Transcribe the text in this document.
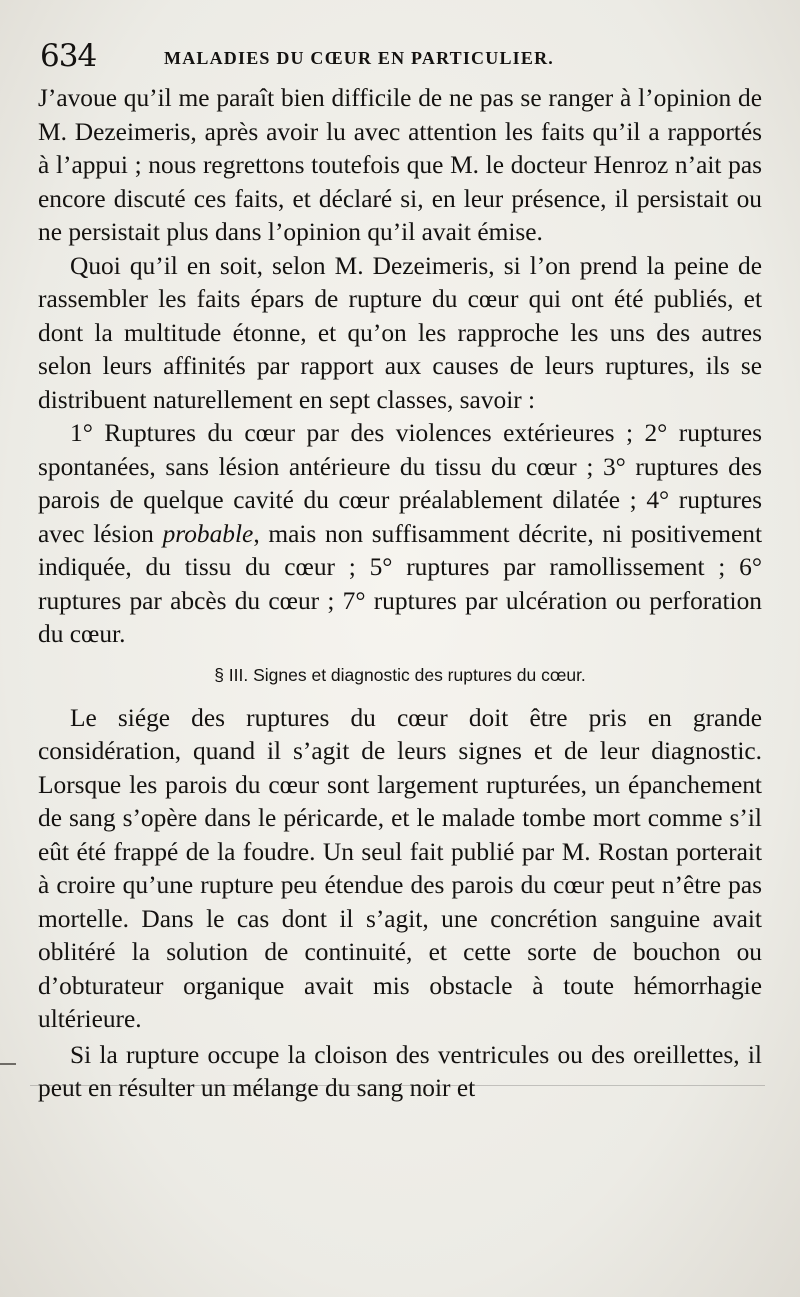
634	MALADIES DU CŒUR EN PARTICULIER.

J’avoue qu’il me paraît bien difficile de ne pas se ranger à l’opinion de M. Dezeimeris, après avoir lu avec attention les faits qu’il a rapportés à l’appui ; nous regrettons toutefois que M. le docteur Henroz n’ait pas encore discuté ces faits, et déclaré si, en leur présence, il persistait ou ne persistait plus dans l’opinion qu’il avait émise.

Quoi qu’il en soit, selon M. Dezeimeris, si l’on prend la peine de rassembler les faits épars de rupture du cœur qui ont été publiés, et dont la multitude étonne, et qu’on les rapproche les uns des autres selon leurs affinités par rapport aux causes de leurs ruptures, ils se distribuent naturellement en sept classes, savoir :

1° Ruptures du cœur par des violences extérieures ; 2° ruptures spontanées, sans lésion antérieure du tissu du cœur ; 3° ruptures des parois de quelque cavité du cœur préalablement dilatée ; 4° ruptures avec lésion probable, mais non suffisamment décrite, ni positivement indiquée, du tissu du cœur ; 5° ruptures par ramollissement ; 6° ruptures par abcès du cœur ; 7° ruptures par ulcération ou perforation du cœur.

§ III. Signes et diagnostic des ruptures du cœur.

Le siége des ruptures du cœur doit être pris en grande considération, quand il s’agit de leurs signes et de leur diagnostic. Lorsque les parois du cœur sont largement rupturées, un épanchement de sang s’opère dans le péricarde, et le malade tombe mort comme s’il eût été frappé de la foudre. Un seul fait publié par M. Rostan porterait à croire qu’une rupture peu étendue des parois du cœur peut n’être pas mortelle. Dans le cas dont il s’agit, une concrétion sanguine avait oblitéré la solution de continuité, et cette sorte de bouchon ou d’obturateur organique avait mis obstacle à toute hémorrhagie ultérieure.

Si la rupture occupe la cloison des ventricules ou des oreillettes, il peut en résulter un mélange du sang noir et
